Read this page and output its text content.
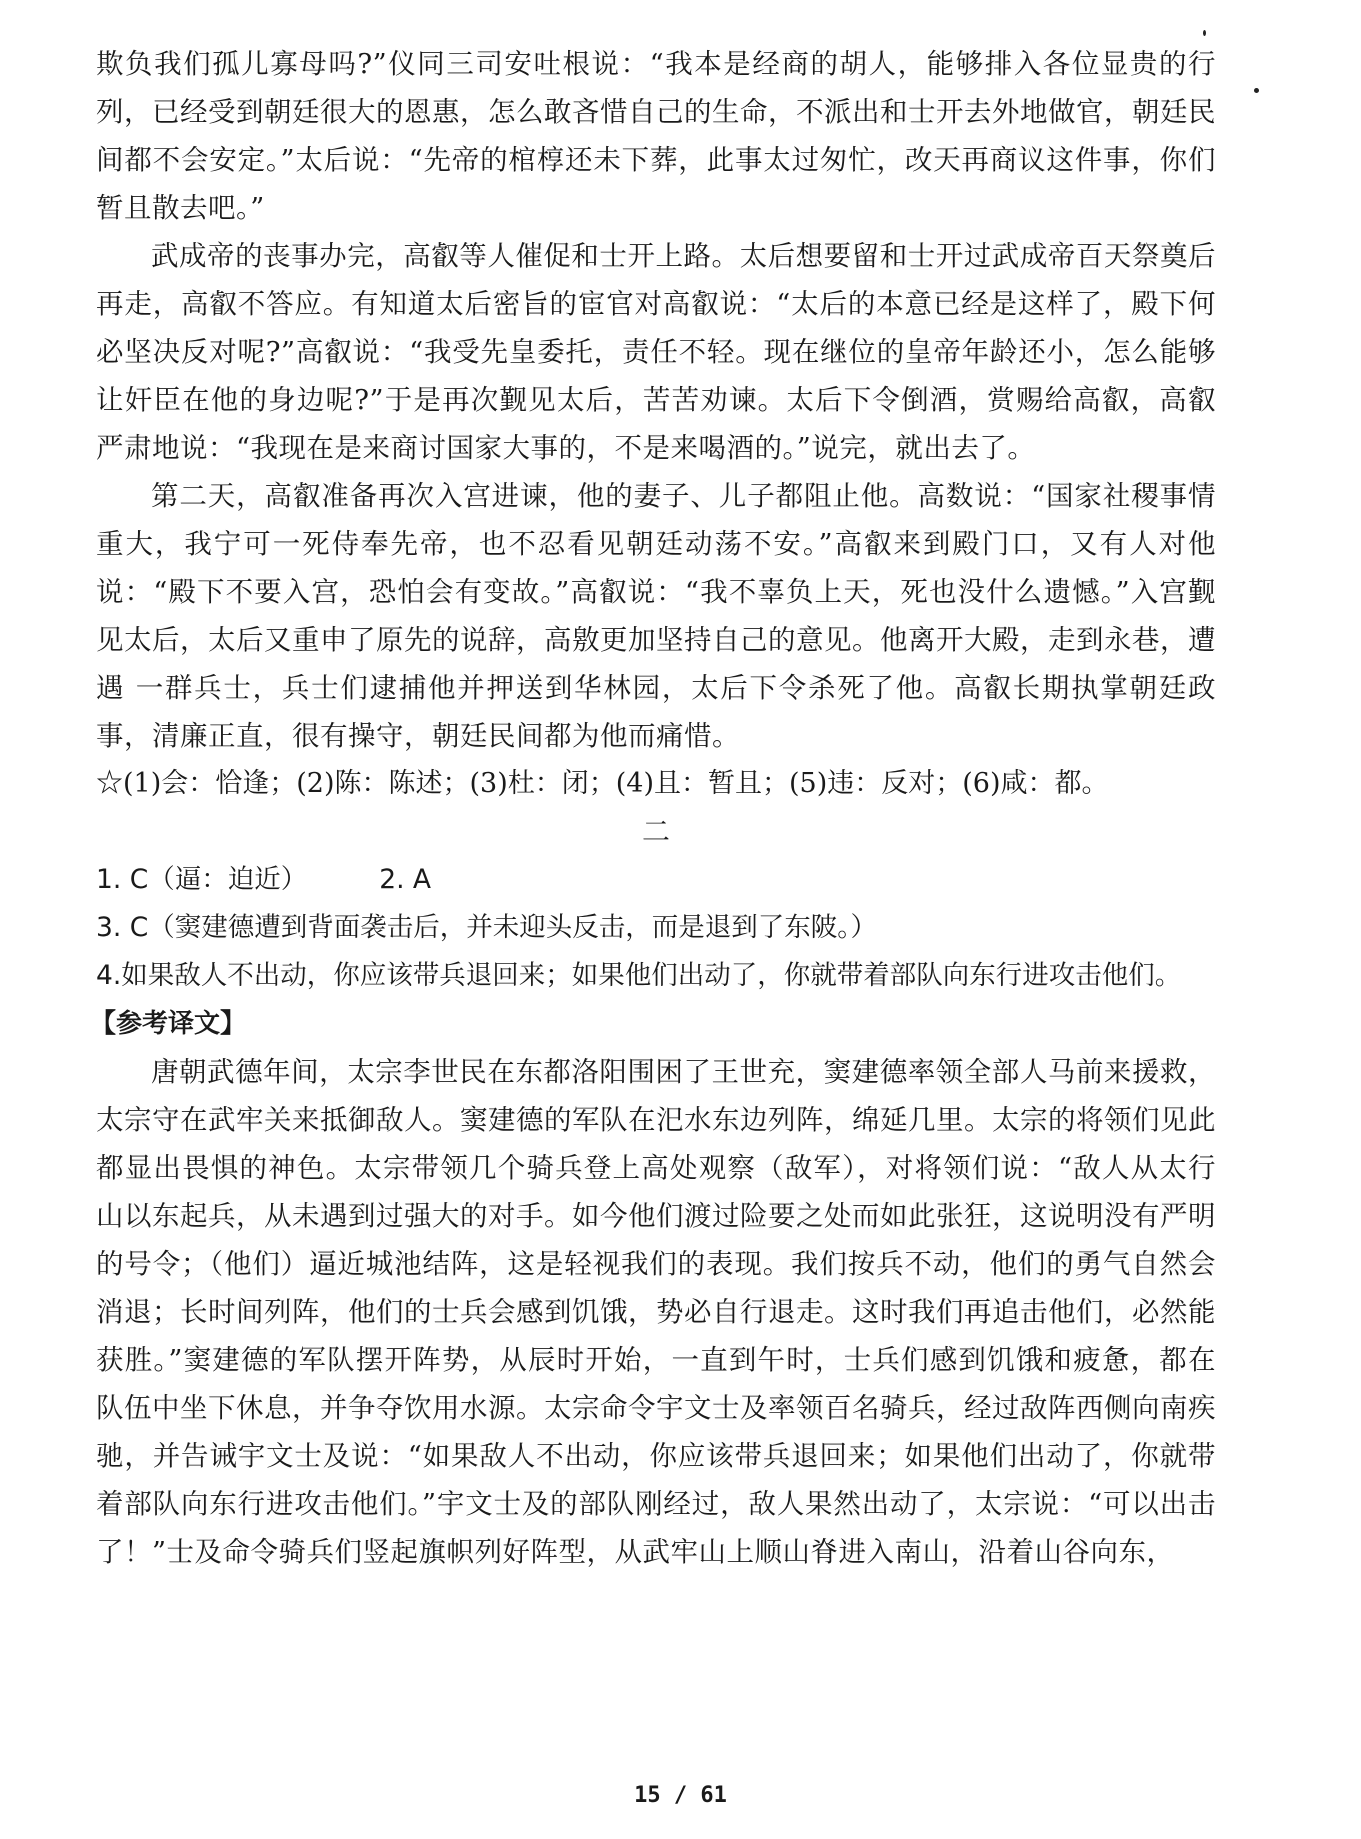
欺负我们孤儿寡母吗?”仪同三司安吐根说：“我本是经商的胡人，能够排入各位显贵的行列，已经受到朝廷很大的恩惠，怎么敢吝惜自己的生命，不派出和士开去外地做官，朝廷民间都不会安定。”太后说：“先帝的棺椁还未下葬，此事太过匆忙，改天再商议这件事，你们暂且散去吧。”

武成帝的丧事办完，高叡等人催促和士开上路。太后想要留和士开过武成帝百天祭奠后再走，高叡不答应。有知道太后密旨的宦官对高叡说：“太后的本意已经是这样了，殿下何必坚决反对呢?”高叡说：“我受先皇委托，责任不轻。现在继位的皇帝年龄还小，怎么能够让奸臣在他的身边呢?”于是再次觐见太后，苦苦劝谏。太后下令倒酒，赏赐给高叡，高叡严肃地说：“我现在是来商讨国家大事的，不是来喝酒的。”说完，就出去了。

第二天，高叡准备再次入宫进谏，他的妻子、儿子都阻止他。高数说：“国家社稷事情重大，我宁可一死侍奉先帝，也不忍看见朝廷动荡不安。”高叡来到殿门口，又有人对他说：“殿下不要入宫，恐怕会有变故。”高叡说：“我不辜负上天，死也没什么遗憾。”入宫觐见太后，太后又重申了原先的说辞，高敫更加坚持自己的意见。他离开大殿，走到永巷，遭遇 一群兵士，兵士们逮捕他并押送到华林园，太后下令杀死了他。高叡长期执掌朝廷政事，清廉正直，很有操守，朝廷民间都为他而痛惜。

☆(1)会：恰逢；(2)陈：陈述；(3)杜：闭；(4)且：暂且；(5)违：反对；(6)咸：都。

二

1. C（逼：迫近）	2. A

3. C（窦建德遭到背面袭击后，并未迎头反击，而是退到了东陂。）

4.如果敌人不出动，你应该带兵退回来；如果他们出动了，你就带着部队向东行进攻击他们。

【参考译文】

唐朝武德年间，太宗李世民在东都洛阳围困了王世充，窦建德率领全部人马前来援救，太宗守在武牢关来抵御敌人。窦建德的军队在汜水东边列阵，绵延几里。太宗的将领们见此都显出畏惧的神色。太宗带领几个骑兵登上高处观察（敌军），对将领们说：“敌人从太行山以东起兵，从未遇到过强大的对手。如今他们渡过险要之处而如此张狂，这说明没有严明的号令；（他们）逼近城池结阵，这是轻视我们的表现。我们按兵不动，他们的勇气自然会消退；长时间列阵，他们的士兵会感到饥饿，势必自行退走。这时我们再追击他们，必然能获胜。”窦建德的军队摆开阵势，从辰时开始，一直到午时，士兵们感到饥饿和疲惫，都在队伍中坐下休息，并争夺饮用水源。太宗命令宇文士及率领百名骑兵，经过敌阵西侧向南疾驰，并告诫宇文士及说：“如果敌人不出动，你应该带兵退回来；如果他们出动了，你就带着部队向东行进攻击他们。”宇文士及的部队刚经过，敌人果然出动了，太宗说：“可以出击了！”士及命令骑兵们竖起旗帜列好阵型，从武牢山上顺山脊进入南山，沿着山谷向东，

15 / 61
